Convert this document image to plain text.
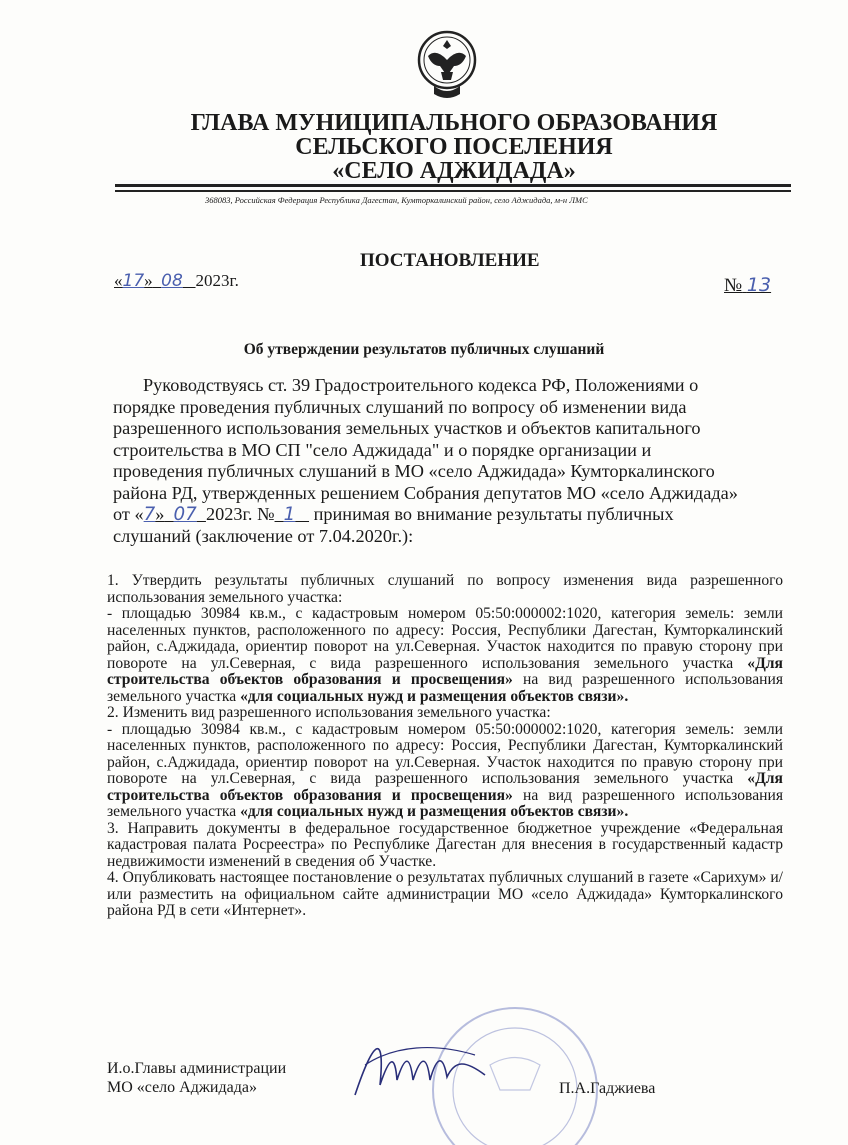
ГЛАВА МУНИЦИПАЛЬНОГО ОБРАЗОВАНИЯ
СЕЛЬСКОГО ПОСЕЛЕНИЯ
«СЕЛО АДЖИДАДА»
368083, Российская Федерация Республика Дагестан, Кумторкалинский район, село Аджидада, м-н ЛМС
ПОСТАНОВЛЕНИЕ
«17» 08 2023г.	№ 13
Об утверждении результатов публичных слушаний
Руководствуясь ст. 39 Градостроительного кодекса РФ, Положениями о
порядке проведения публичных слушаний по вопросу об изменении вида
разрешенного использования земельных участков и объектов капитального
строительства в МО СП "село Аджидада" и о порядке организации и
проведения публичных слушаний в МО «село Аджидада» Кумторкалинского
района РД, утвержденных решением Собрания депутатов МО «село Аджидада»
от «7» 07 2023г. № 1    принимая во внимание результаты публичных
слушаний (заключение от 7.04.2020г.):

1. Утвердить результаты публичных слушаний по вопросу изменения вида разрешенного использования земельного участка:

- площадью 30984 кв.м., с кадастровым номером 05:50:000002:1020, категория земель: земли населенных пунктов, расположенного по адресу: Россия, Республики Дагестан, Кумторкалинский район, с.Аджидада, ориентир поворот на ул.Северная. Участок находится по правую сторону при повороте на ул.Северная, с вида разрешенного использования земельного участка «Для строительства объектов образования и просвещения» на вид разрешенного использования земельного участка «для социальных нужд и размещения объектов связи».

2. Изменить вид разрешенного использования земельного участка:

- площадью 30984 кв.м., с кадастровым номером 05:50:000002:1020, категория земель: земли населенных пунктов, расположенного по адресу: Россия, Республики Дагестан, Кумторкалинский район, с.Аджидада, ориентир поворот на ул.Северная. Участок находится по правую сторону при повороте на ул.Северная, с вида разрешенного использования земельного участка «Для строительства объектов образования и просвещения» на вид разрешенного использования земельного участка «для социальных нужд и размещения объектов связи».

3. Направить документы в федеральное государственное бюджетное учреждение «Федеральная кадастровая палата Росреестра» по Республике Дагестан для внесения в государственный кадастр недвижимости изменений в сведения об Участке.

4. Опубликовать настоящее постановление о результатах публичных слушаний в газете «Сарихум» и/или разместить на официальном сайте администрации МО «село Аджидада» Кумторкалинского района РД в сети «Интернет».

И.о.Главы администрации
МО «село Аджидада»	П.А.Гаджиева
